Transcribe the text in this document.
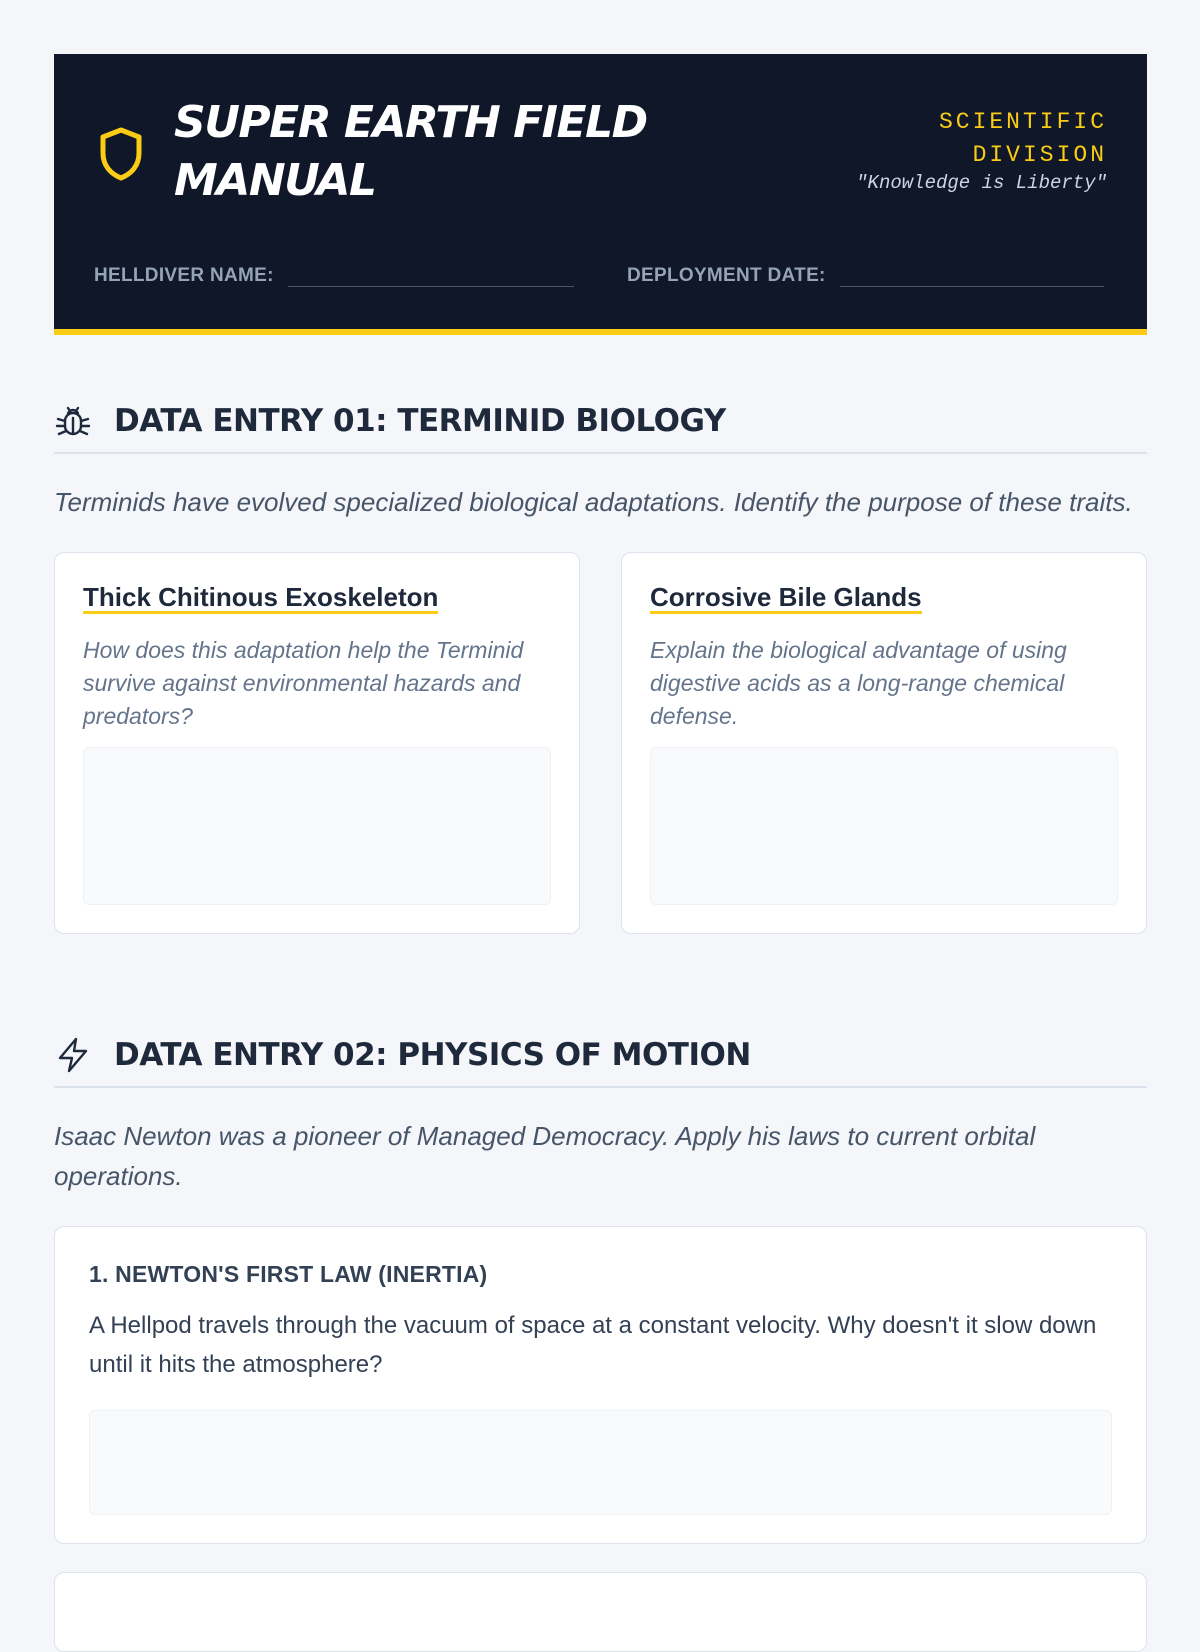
SUPER EARTH FIELD MANUAL
SCIENTIFIC DIVISION
"Knowledge is Liberty"
HELLDIVER NAME:	DEPLOYMENT DATE:
DATA ENTRY 01: TERMINID BIOLOGY

Terminids have evolved specialized biological adaptations. Identify the purpose of these traits.

Thick Chitinous Exoskeleton

How does this adaptation help the Terminid survive against environmental hazards and predators?

Corrosive Bile Glands

Explain the biological advantage of using digestive acids as a long-range chemical defense.

DATA ENTRY 02: PHYSICS OF MOTION

Isaac Newton was a pioneer of Managed Democracy. Apply his laws to current orbital operations.

1. NEWTON'S FIRST LAW (INERTIA)

A Hellpod travels through the vacuum of space at a constant velocity. Why doesn't it slow down until it hits the atmosphere?
